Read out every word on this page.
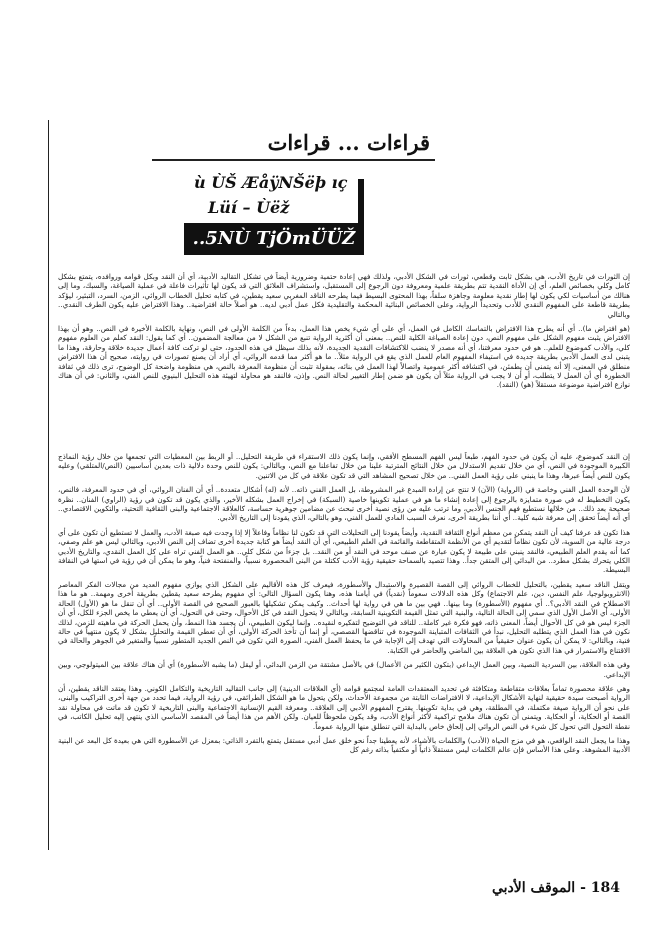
قراءات ... قراءات
ù ÙŠ ÆåÿNŠëþ ıç
Lüí – Ùëž
..5NÙ TjÖmÜÜŽ

إن الثورات في تاريخ الأدب، هي بشكل ثابت وقطعي، ثورات في الشكل الأدبي، ولذلك فهي إعادة حتمية وضرورية أيضاً في تشكل التقاليد الأدبية، أي أن النقد وبكل قوامه وروافده، يتمتع بشكل كامل وكلي بخصائص العلم، أي إن الأداة النقدية تتم بطريقة علمية ومعروفة دون الرجوع إلى المستقبل، واستشراف العلائق التي قد يكون لها تأثيرات فاعلة في عملية الصياغة، والسبك، وما إلى هنالك من أساسيات لكي يكون لها إطار نقدية معلومة وجاهزة سلفاً، بهذا المحتوى البسيط فيما يطرحه الناقد المغربي سعيد يقطين، في كتابه تحليل الخطاب الروائي، الزمن، السرد، التبئير، ليؤكد بطريقة قاطعة على المفهوم النقدي للأدب وتحديداً الرواية، وعلى الخصائص البنائية المحكمة والتقليدية فكل عمل أدبي لديه.. هو أصلاً حالة افتراضية.. وهذا الافتراض عليه يكون الطرف النقدي.. وبالتالي

(هو افتراض ما).. أي أنه يطرح هذا الافتراض بالتماسك الكامل في العمل، أي على أي شيء يخص هذا العمل، بدءاً من الكلمة الأولى في النص، ونهاية بالكلمة الأخيرة في النص.. وهو أن بهذا الافتراض يثبت مفهوم الشكل على مفهوم النص، دون إعادة الصياغة الكلية للنص.. بمعنى أن أكثرية الرواية تنبع من الشكل لا من معالجة المضمون.. أي كما يقول: النقد كعلم من العلوم مفهوم كلي، والأدب كموضوع للعلم.. هو في حدود معرفتنا، أي أنه مصدر لا ينضب للاكتشافات النقدية الجديدة، لأنه بذلك سيظل في هذه الحدود، حتى لو تركت كافة أعمال جديدة خلاقة وحارقة، وهذا ما يتبنى لدى العمل الأدبي بطريقة جديدة في استيفاء المفهوم العام للعمل الذي يقع في الرواية مثلاً.. ما هو أكثر مما قدمه الروائي، أي أراد أن يصنع تصورات في روايته، صحيح أن هذا الافتراض منطلق في المعنى، إلا أنه يتمنى أن يطمئن، في اكتشافه أكثر عمومية واتصالاً لهذا العمل في بنائه، بمقولة تثبت أن منظومة المعرفة بالنص، هي منظومة واضحة كل الوضوح، ترى ذلك في ثقافة الخطورة أي أن العمل لا يتطلب، أو أن لا يجب في الرواية مثلاً أن يكون هو ضمن إطار التغيير لحالة النص. وإذن، فالنقد هو محاولة لتهيئة هذه التحليل البنيوي للنص الفني، والثاني: في أن هناك نوازع افتراضية موضوعة مستقلاً (هو) (النقد).

إن النقد كموضوع، عليه أن يكون في حدود الفهم، طبعاً ليس الفهم المسطح الأفقي، وإنما يكون ذلك الاستقراء في طريقة التحليل.. أو الربط بين المعطيات التي تجمعها من خلال رؤية النماذج الكبيرة الموجودة في النص، أي من خلال تقديم الاستدلال من خلال النتائج المترتبة علينا من خلال تفاعلنا مع النص، وبالتالي: يكون للنص وحدة دلالية ذات بعدين أساسيين (النص/المتلقي) وعليه يكون للنص أيضاً عبرها، وهذا ما ينبني على رؤية العمل الفني.. من خلال تصحيح المشاهد التي قد تكون علاقة في كل من الاتنين.

لأن الوحدة العمل الفني وخاصة في (الرواية) (الآن) لا تنتج عن إرادة المبدع غير المشروطة، بل العمل الفني ذاته.. لأنه (له) أشكال متعددة.. أي أن الفنان الروائي، أي في حدود المعرفة، فالنص، يكون التخطيط له في صورة متمايزة بالرجوع إلى إعادة إنشاء ما هو في عملية تكوينها خاصية (السبكة) في إخراج العمل بشكله الأخير، والذي يكون قد تكون في رؤية (الراوي) الفنان.. نظرة صحيحة بعد ذلك.. من خلالها نستطيع فهم الجنس الأدبي، وما ترتب عليه من رؤى نصية أخرى تبحث عن مضامين جوهرية حساسة، كالعلاقة الاجتماعية والبنى الثقافية التحتية، والتكوين الاقتصادي.. أي أنه أيضاً تحقق إلى معرفة شبه كلية.. أي أننا بطريقة أخرى، نعرف السبب المادي للعمل الفني، وهو بالتالي، الذي يقودنا إلى التاريخ الأدبي.

هذا تكون قد عرفنا كيف أن النقد يتمكن من معظم أنواع الثقافة النقدية، وأيضاً يقودنا إلى التحليلات التي قد تكون لنا نظاماً وفاعلاً إلا إذا وجدت فيه صبغة الأدب، والعمل لا تستطيع أن تكون على أي درجة عالية من السوية، لأن تكون نظاماً لتقديم أي من الأنظمة المتقاطعة والقائمة في العلم الطبيعي، أي أن النقد أيضاً هو كتابة جديدة أخرى تضاف إلى النص الأدبي، وبالتالي ليس هو علم وصفي، كما أنه يقدم العلم الطبيعي، فالنقد ينبني على طبيعة لا يكون عبارة عن صنف موحد في النقد أو من النقد.. بل جزءاً من شكل كلي.. هو العمل الفني تراه على كل العمل النقدي، والتاريخ الأدبي الكلي يتحرك بشكل مطرد.. من البدائي إلى المتقن جداً.. وهذا تتصيد بالسماحة حقيقية رؤية الأدب ككتلة من البنى المحصورة نسبياً، والمنفتحة فنياً، وهو ما يمكن أن في رؤية في استها في النقافة البسيطة.

ويتقل الناقد سعيد يقطين، بالتحليل للخطاب الروائي إلى القصة القصيرة والاستبدال والأسطورة، فيعرف كل هذه الأقاليم على الشكل الذي يوازي مفهوم العديد من مجالات الفكر المعاصر (الانثروبولوجيا، علم النفس، دين، علم الاجتماع) وكل هذه الدلالات سعوماً (نقدياً) في أيامنا هذه، وهنا يكون السؤال التالي: أي مفهوم يطرحه سعيد يقطين بطريقة أخرى ومهمة.. هو ما هذا الاصطلاح في النقد الأدبي؟.. أي مفهوم (الأسطورة) وما بينها.. فهي بين ما هي في رواية لها أحداث.. وكيف يمكن تشكيلها بالعبور الصحيح في القصة الأولى.. أي أن تنقل ما هو (الأول) الحالة الأولى، أي الأصل الأول الذي سمي إلى الحالة التالية، والبنية التي تمثل القيمة التكوينية السابقة، وبالتالي لا يتحول النقد في كل الأحوال، وحتى في التحول، أي أن يعطي ما يخص الجزء للكل، أي أن الجزء ليس هو في كل الأحوال أيضاً، المعنى ذاته، فهو فكرة غير كاملة.. للناقد في التوضيح لتفكيره لنقيده.. وإنما ليكون الطبيعي، أن يجسد هذا النمط، وأن يحمل الحركة في ماهيته للزمن، لذلك نكون في هذا العمل الذي يتطلبه التحليل، نبدأ في الثقافات المتباينة الموجودة في تناقضها القصصي، أو إنما أن تأخذ الحركة الأولى، أي أن تعطي القيمة والتحليل بشكل لا يكون منتهياً في حالة فنية، وبالتالي: لا يمكن أن يكون عنوان حقيقياً من المحاولات التي تهدف إلى الإجابة في ما يحفظ العمل الفني، الصورة التي تكون في النص الجديد المتطور نسبياً والمتغير في الجوهر والحالة في الاقتناع والاستمرار في هذا الذي تكون هي العلاقة بين الماضي والحاضر في الكتابة.

وفي هذه العلاقة، بين السردية النصية، وبين العمل الإبداعي (بتكون الكثير من الأعمال) في بالأصل مشتقة من الزمن البدائي، أو ليقل (ما يشبه الأسطورة) أي أن هناك علاقة بين الميتولوجي، وبين الإبداعي.

وهي علاقة محصورة تماماً بعلاقات متقاطعة ومتكافئة في تحديد المعتقدات العامة لمجتمع قوامه (أي العلاقات الدينية) إلى جانب التقاليد التاريخية والتكامل الكوني. وهذا يعتقد الناقد يقطين، أن الرواية أصبحت سيدة حقيقية لنهاية الأشكال الإبداعية، لا الافتراضات الثابتة من مجموعة الأحداث، ولكن يتحول ما هو الشكل الطرائقي، في رؤية الرواية، فيما تحدد من جهة أخرى التراكيب والبنى، على نحو أن الرواية صيغة مكتملة، في المطلقة، وهي في بداية تكوينها. يقترح المفهوم الأدبي إلى العلاقة.. ومعرفة القيم الإنسانية الاجتماعية والبنى التاريخية لا تكون قد ماتت في محاولة نقد القصة أو الحكاية، أو الحكاية. ويتمنى أن تكون هناك ملامح تراكمية لأكثر أنواع الأدب، وقد يكون ملحوظاً للعيان. ولكن الأهم من هذا أيضاً في المقصد الأساسي الذي ينتهي إليه تحليل الكاتب، في نقطة التحول التي تحول كل شيء في النص الروائي إلى إلحاق خاص بالبداية التي تنطلق منها الرواية عموماً.

وهذا ما يجعل النقد الواقعي، هو في مزج الحياة (الأدب) والكلمات بالأشياء، لأنه يعطينا جداً نحو خلق عمل أدبي مستقل يتمتع بالتفرد الذاتي: بمعزل عن الأسطورة التي هي بعيدة كل البعد عن البنية الأدبية المشوهة. وعلى هذا الأساس فإن عالم الكلمات ليس مستقلاً ذاتياً أو مكتفياً بذاته رغم كل

184 - الموقف الأدبي
